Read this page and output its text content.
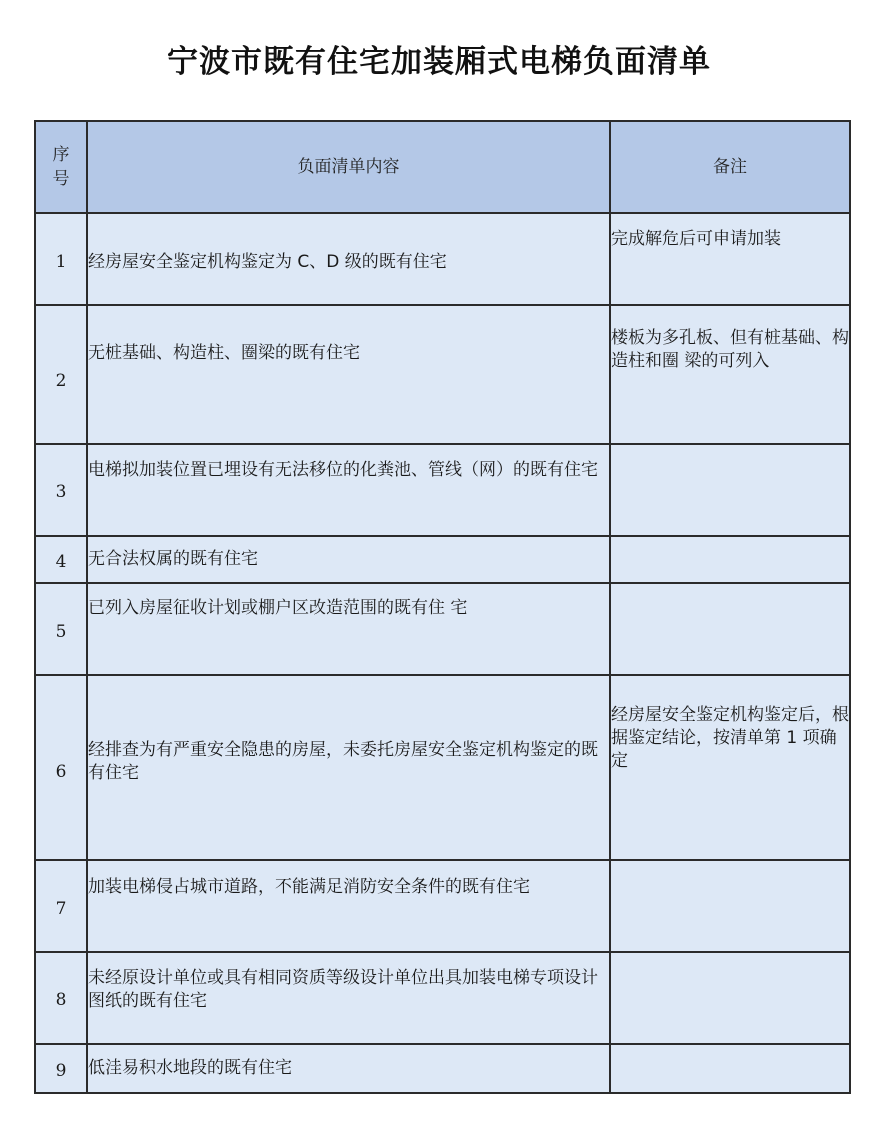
宁波市既有住宅加装厢式电梯负面清单
序号	负面清单内容	备注
1	经房屋安全鉴定机构鉴定为 C、D 级的既有住宅	完成解危后可申请加装

2	无桩基础、构造柱、圈梁的既有住宅	楼板为多孔板、但有桩基础、构造柱和圈 梁的可列入

3	电梯拟加装位置已埋设有无法移位的化粪池、管线（网）的既有住宅	

4	无合法权属的既有住宅	

5	已列入房屋征收计划或棚户区改造范围的既有住 宅	

6	经排查为有严重安全隐患的房屋，未委托房屋安全鉴定机构鉴定的既有住宅	经房屋安全鉴定机构鉴定后，根据鉴定结论，按清单第 1 项确定

7	加装电梯侵占城市道路，不能满足消防安全条件的既有住宅	

8	未经原设计单位或具有相同资质等级设计单位出具加装电梯专项设计图纸的既有住宅	

9	低洼易积水地段的既有住宅	
